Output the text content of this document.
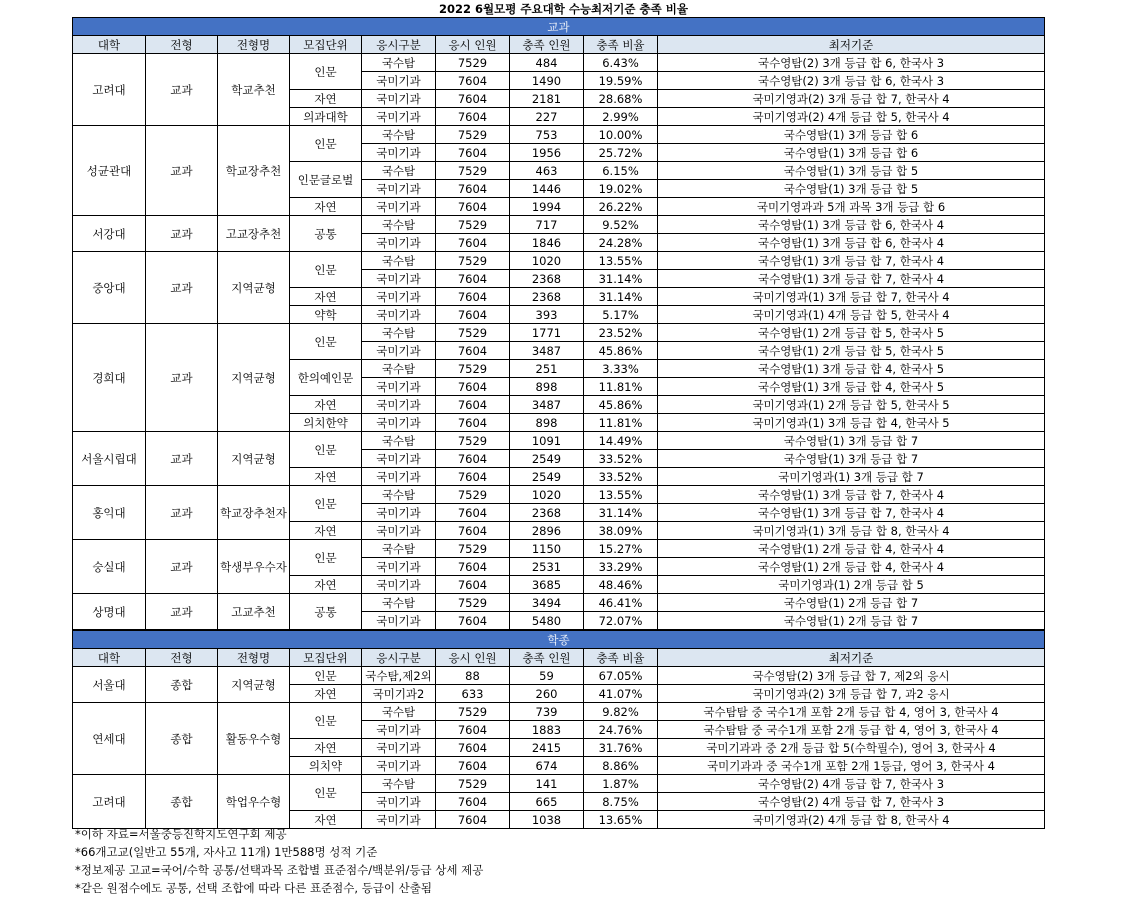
2022 6월모평 주요대학 수능최저기준 충족 비율
교과								
대학	전형	전형명	모집단위	응시구분	응시 인원	충족 인원	충족 비율	최저기준
고려대	교과	학교추천	인문	국수탐	7529	484	6.43%	국수영탐(2) 3개 등급 합 6, 한국사 3
				국미기과	7604	1490	19.59%	국수영탐(2) 3개 등급 합 6, 한국사 3
			자연	국미기과	7604	2181	28.68%	국미기영과(2) 3개 등급 합 7, 한국사 4
			의과대학	국미기과	7604	227	2.99%	국미기영과(2) 4개 등급 합 5, 한국사 4
성균관대	교과	학교장추천	인문	국수탐	7529	753	10.00%	국수영탐(1) 3개 등급 합 6
				국미기과	7604	1956	25.72%	국수영탐(1) 3개 등급 합 6
			인문글로벌	국수탐	7529	463	6.15%	국수영탐(1) 3개 등급 합 5
				국미기과	7604	1446	19.02%	국수영탐(1) 3개 등급 합 5
			자연	국미기과	7604	1994	26.22%	국미기영과과 5개 과목 3개 등급 합 6
서강대	교과	고교장추천	공통	국수탐	7529	717	9.52%	국수영탐(1) 3개 등급 합 6, 한국사 4
				국미기과	7604	1846	24.28%	국수영탐(1) 3개 등급 합 6, 한국사 4
중앙대	교과	지역균형	인문	국수탐	7529	1020	13.55%	국수영탐(1) 3개 등급 합 7, 한국사 4
				국미기과	7604	2368	31.14%	국수영탐(1) 3개 등급 합 7, 한국사 4
			자연	국미기과	7604	2368	31.14%	국미기영과(1) 3개 등급 합 7, 한국사 4
			약학	국미기과	7604	393	5.17%	국미기영과(1) 4개 등급 합 5, 한국사 4
경희대	교과	지역균형	인문	국수탐	7529	1771	23.52%	국수영탐(1) 2개 등급 합 5, 한국사 5
				국미기과	7604	3487	45.86%	국수영탐(1) 2개 등급 합 5, 한국사 5
			한의예인문	국수탐	7529	251	3.33%	국수영탐(1) 3개 등급 합 4, 한국사 5
				국미기과	7604	898	11.81%	국수영탐(1) 3개 등급 합 4, 한국사 5
			자연	국미기과	7604	3487	45.86%	국미기영과(1) 2개 등급 합 5, 한국사 5
			의치한약	국미기과	7604	898	11.81%	국미기영과(1) 3개 등급 합 4, 한국사 5
서울시립대	교과	지역균형	인문	국수탐	7529	1091	14.49%	국수영탐(1) 3개 등급 합 7
				국미기과	7604	2549	33.52%	국수영탐(1) 3개 등급 합 7
			자연	국미기과	7604	2549	33.52%	국미기영과(1) 3개 등급 합 7
홍익대	교과	학교장추천자	인문	국수탐	7529	1020	13.55%	국수영탐(1) 3개 등급 합 7, 한국사 4
				국미기과	7604	2368	31.14%	국수영탐(1) 3개 등급 합 7, 한국사 4
			자연	국미기과	7604	2896	38.09%	국미기영과(1) 3개 등급 합 8, 한국사 4
숭실대	교과	학생부우수자	인문	국수탐	7529	1150	15.27%	국수영탐(1) 2개 등급 합 4, 한국사 4
				국미기과	7604	2531	33.29%	국수영탐(1) 2개 등급 합 4, 한국사 4
			자연	국미기과	7604	3685	48.46%	국미기영과(1) 2개 등급 합 5
상명대	교과	고교추천	공통	국수탐	7529	3494	46.41%	국수영탐(1) 2개 등급 합 7
				국미기과	7604	5480	72.07%	국수영탐(1) 2개 등급 합 7
학종								
대학	전형	전형명	모집단위	응시구분	응시 인원	충족 인원	충족 비율	최저기준
서울대	종합	지역균형	인문	국수탐,제2외	88	59	67.05%	국수영탐(2) 3개 등급 합 7, 제2외 응시
			자연	국미기과2	633	260	41.07%	국미기영과(2) 3개 등급 합 7, 과2 응시
연세대	종합	활동우수형	인문	국수탐	7529	739	9.82%	국수탐탐 중 국수1개 포함 2개 등급 합 4, 영어 3, 한국사 4
				국미기과	7604	1883	24.76%	국수탐탐 중 국수1개 포함 2개 등급 합 4, 영어 3, 한국사 4
			자연	국미기과	7604	2415	31.76%	국미기과과 중 2개 등급 합 5(수학필수), 영어 3, 한국사 4
			의치약	국미기과	7604	674	8.86%	국미기과과 중 국수1개 포함 2개 1등급, 영어 3, 한국사 4
고려대	종합	학업우수형	인문	국수탐	7529	141	1.87%	국수영탐(2) 4개 등급 합 7, 한국사 3
				국미기과	7604	665	8.75%	국수영탐(2) 4개 등급 합 7, 한국사 3
			자연	국미기과	7604	1038	13.65%	국미기영과(2) 4개 등급 합 8, 한국사 4
*이하 자료=서울중등진학지도연구회 제공
*66개고교(일반고 55개, 자사고 11개) 1만588명 성적 기준
*정보제공 고교=국어/수학 공통/선택과목 조합별 표준점수/백분위/등급 상세 제공
*같은 원점수에도 공통, 선택 조합에 따라 다른 표준점수, 등급이 산출됨
